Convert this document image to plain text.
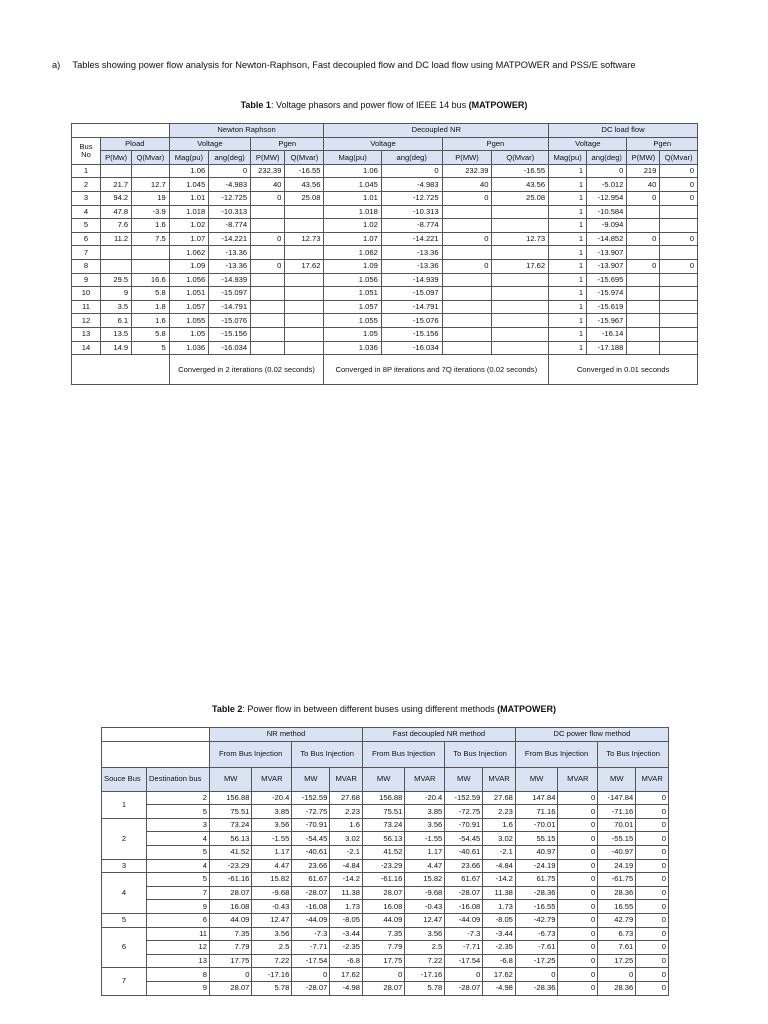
a) Tables showing power flow analysis for Newton-Raphson, Fast decoupled flow and DC load flow using MATPOWER and PSS/E software
Table 1: Voltage phasors and power flow of IEEE 14 bus (MATPOWER)
			Newton Raphson				Decoupled NR				DC load flow			
Bus No	Pload		Voltage		Pgen		Voltage		Pgen		Voltage		Pgen	
	P(Mw)	Q(Mvar)	Mag(pu)	ang(deg)	P(MW)	Q(Mvar)	Mag(pu)	ang(deg)	P(MW)	Q(Mvar)	Mag(pu)	ang(deg)	P(MW)	Q(Mvar)
1			1.06	0	232.39	-16.55	1.06	0	232.39	-16.55	1	0	219	0
2	21.7	12.7	1.045	-4.983	40	43.56	1.045	-4.983	40	43.56	1	-5.012	40	0
3	94.2	19	1.01	-12.725	0	25.08	1.01	-12.725	0	25.08	1	-12.954	0	0
4	47.8	-3.9	1.018	-10.313			1.018	-10.313			1	-10.584		
5	7.6	1.6	1.02	-8.774			1.02	-8.774			1	-9.094		
6	11.2	7.5	1.07	-14.221	0	12.73	1.07	-14.221	0	12.73	1	-14.852	0	0
7			1.062	-13.36			1.062	-13.36			1	-13.907		
8			1.09	-13.36	0	17.62	1.09	-13.36	0	17.62	1	-13.907	0	0
9	29.5	16.6	1.056	-14.939			1.056	-14.939			1	-15.695		
10	9	5.8	1.051	-15.097			1.051	-15.097			1	-15.974		
11	3.5	1.8	1.057	-14.791			1.057	-14.791			1	-15.619		
12	6.1	1.6	1.055	-15.076			1.055	-15.076			1	-15.967		
13	13.5	5.8	1.05	-15.156			1.05	-15.156			1	-16.14		
14	14.9	5	1.036	-16.034			1.036	-16.034			1	-17.188		
			Converged in 2 iterations (0.02 seconds)				Converged in 8P iterations and 7Q iterations (0.02 seconds)				Converged in 0.01 seconds			
Table 2: Power flow in between different buses using different methods (MATPOWER)
		NR method				Fast decoupled NR method				DC power flow method			
		From Bus Injection		To Bus Injection		From Bus Injection		To Bus Injection		From Bus Injection		To Bus Injection	
Souce Bus	Destination bus	MW	MVAR	MW	MVAR	MW	MVAR	MW	MVAR	MW	MVAR	MW	MVAR
1	2	156.88	-20.4	-152.59	27.68	156.88	-20.4	-152.59	27.68	147.84	0	-147.84	0
	5	75.51	3.85	-72.75	2.23	75.51	3.85	-72.75	2.23	71.16	0	-71.16	0
2	3	73.24	3.56	-70.91	1.6	73.24	3.56	-70.91	1.6	-70.01	0	70.01	0
	4	56.13	-1.55	-54.45	3.02	56.13	-1.55	-54.45	3.02	55.15	0	-55.15	0
	5	41.52	1.17	-40.61	-2.1	41.52	1.17	-40.61	-2.1	40.97	0	-40.97	0
3	4	-23.29	4.47	23.66	-4.84	-23.29	4.47	23.66	-4.84	-24.19	0	24.19	0
4	5	-61.16	15.82	61.67	-14.2	-61.16	15.82	61.67	-14.2	61.75	0	-61.75	0
	7	28.07	-9.68	-28.07	11.38	28.07	-9.68	-28.07	11.38	-28.36	0	28.36	0
	9	16.08	-0.43	-16.08	1.73	16.08	-0.43	-16.08	1.73	-16.55	0	16.55	0
5	6	44.09	12.47	-44.09	-8.05	44.09	12.47	-44.09	-8.05	-42.79	0	42.79	0
6	11	7.35	3.56	-7.3	-3.44	7.35	3.56	-7.3	-3.44	-6.73	0	6.73	0
	12	7.79	2.5	-7.71	-2.35	7.79	2.5	-7.71	-2.35	-7.61	0	7.61	0
	13	17.75	7.22	-17.54	-6.8	17.75	7.22	-17.54	-6.8	-17.25	0	17.25	0
7	8	0	-17.16	0	17.62	0	-17.16	0	17.62	0	0	0	0
	9	28.07	5.78	-28.07	-4.98	28.07	5.78	-28.07	-4.98	-28.36	0	28.36	0
